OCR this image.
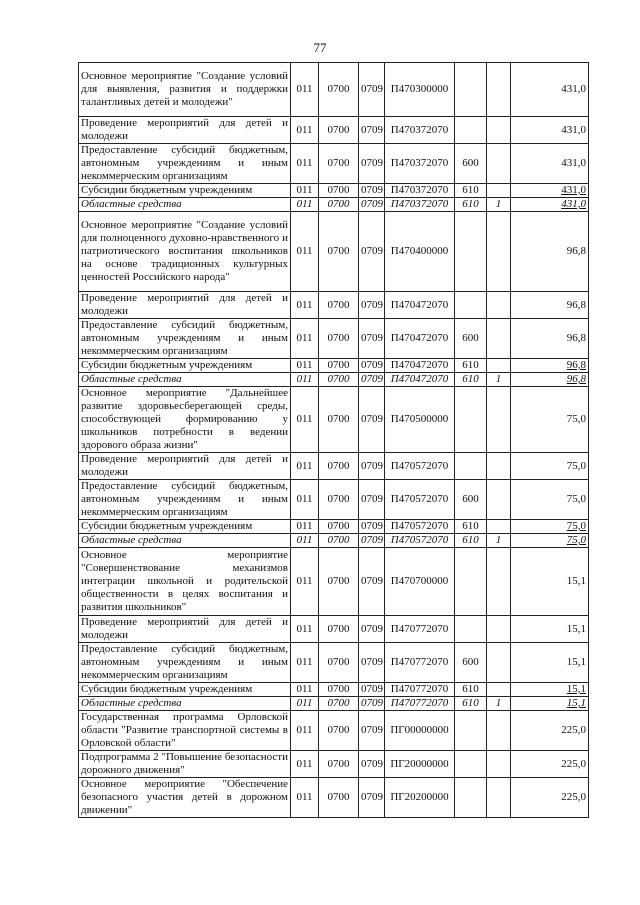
77
Основное мероприятие "Создание условий для выявления, развития и поддержки талантливых детей и молодежи"	011	0700	0709	П470300000			431,0
Проведение мероприятий для детей и молодежи	011	0700	0709	П470372070			431,0
Предоставление субсидий бюджетным, автономным учреждениям и иным некоммерческим организациям	011	0700	0709	П470372070	600		431,0
Субсидии бюджетным учреждениям	011	0700	0709	П470372070	610		431,0
Областные средства	011	0700	0709	П470372070	610	1	431,0
Основное мероприятие "Создание условий для полноценного духовно-нравственного и патриотического воспитания школьников на основе традиционных культурных ценностей Российского народа"	011	0700	0709	П470400000			96,8
Проведение мероприятий для детей и молодежи	011	0700	0709	П470472070			96,8
Предоставление субсидий бюджетным, автономным учреждениям и иным некоммерческим организациям	011	0700	0709	П470472070	600		96,8
Субсидии бюджетным учреждениям	011	0700	0709	П470472070	610		96,8
Областные средства	011	0700	0709	П470472070	610	1	96,8
Основное мероприятие "Дальнейшее развитие здоровьесберегающей среды, способствующей формированию у школьников потребности в ведении здорового образа жизни"	011	0700	0709	П470500000			75,0
Проведение мероприятий для детей и молодежи	011	0700	0709	П470572070			75,0
Предоставление субсидий бюджетным, автономным учреждениям и иным некоммерческим организациям	011	0700	0709	П470572070	600		75,0
Субсидии бюджетным учреждениям	011	0700	0709	П470572070	610		75,0
Областные средства	011	0700	0709	П470572070	610	1	75,0
Основное мероприятие "Совершенствование механизмов интеграции школьной и родительской общественности в целях воспитания и развития школьников"	011	0700	0709	П470700000			15,1
Проведение мероприятий для детей и молодежи	011	0700	0709	П470772070			15,1
Предоставление субсидий бюджетным, автономным учреждениям и иным некоммерческим организациям	011	0700	0709	П470772070	600		15,1
Субсидии бюджетным учреждениям	011	0700	0709	П470772070	610		15,1
Областные средства	011	0700	0709	П470772070	610	1	15,1
Государственная программа Орловской области "Развитие транспортной системы в Орловской области"	011	0700	0709	ПГ00000000			225,0
Подпрограмма 2 "Повышение безопасности дорожного движения"	011	0700	0709	ПГ20000000			225,0
Основное мероприятие "Обеспечение безопасного участия детей в дорожном движении"	011	0700	0709	ПГ20200000			225,0
